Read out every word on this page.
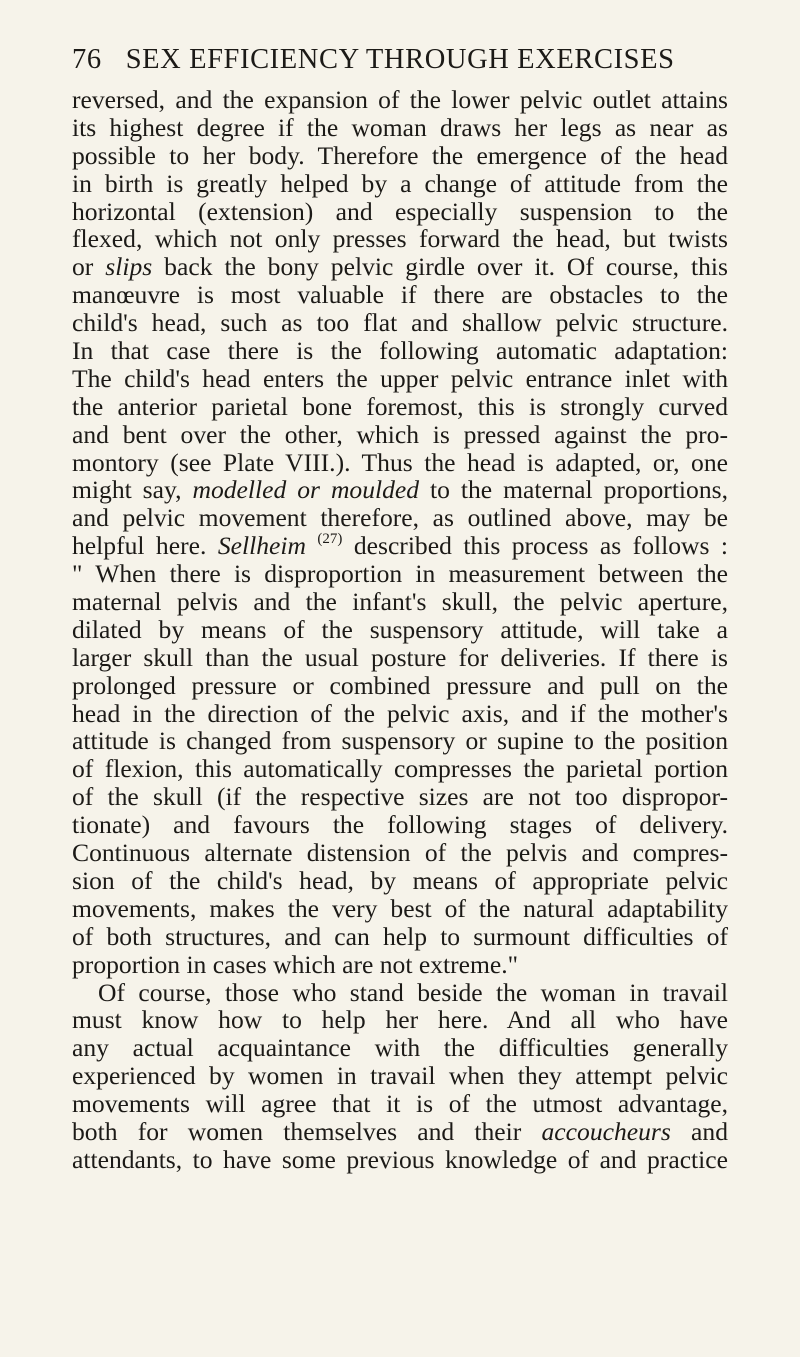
76 SEX EFFICIENCY THROUGH EXERCISES
reversed, and the expansion of the lower pelvic outlet attains
its highest degree if the woman draws her legs as near as
possible to her body. Therefore the emergence of the head
in birth is greatly helped by a change of attitude from the
horizontal (extension) and especially suspension to the
flexed, which not only presses forward the head, but twists
or slips back the bony pelvic girdle over it. Of course, this
manœuvre is most valuable if there are obstacles to the
child's head, such as too flat and shallow pelvic structure.
In that case there is the following automatic adaptation:
The child's head enters the upper pelvic entrance inlet with
the anterior parietal bone foremost, this is strongly curved
and bent over the other, which is pressed against the pro-
montory (see Plate VIII.). Thus the head is adapted, or, one
might say, modelled or moulded to the maternal proportions,
and pelvic movement therefore, as outlined above, may be
helpful here. Sellheim $^{(27)}$ described this process as follows :
" When there is disproportion in measurement between the
maternal pelvis and the infant's skull, the pelvic aperture,
dilated by means of the suspensory attitude, will take a
larger skull than the usual posture for deliveries. If there is
prolonged pressure or combined pressure and pull on the
head in the direction of the pelvic axis, and if the mother's
attitude is changed from suspensory or supine to the position
of flexion, this automatically compresses the parietal portion
of the skull (if the respective sizes are not too dispropor-
tionate) and favours the following stages of delivery.
Continuous alternate distension of the pelvis and compres-
sion of the child's head, by means of appropriate pelvic
movements, makes the very best of the natural adaptability
of both structures, and can help to surmount difficulties of
proportion in cases which are not extreme."
Of course, those who stand beside the woman in travail
must know how to help her here. And all who have
any actual acquaintance with the difficulties generally
experienced by women in travail when they attempt pelvic
movements will agree that it is of the utmost advantage,
both for women themselves and their accoucheurs and
attendants, to have some previous knowledge of and practice
